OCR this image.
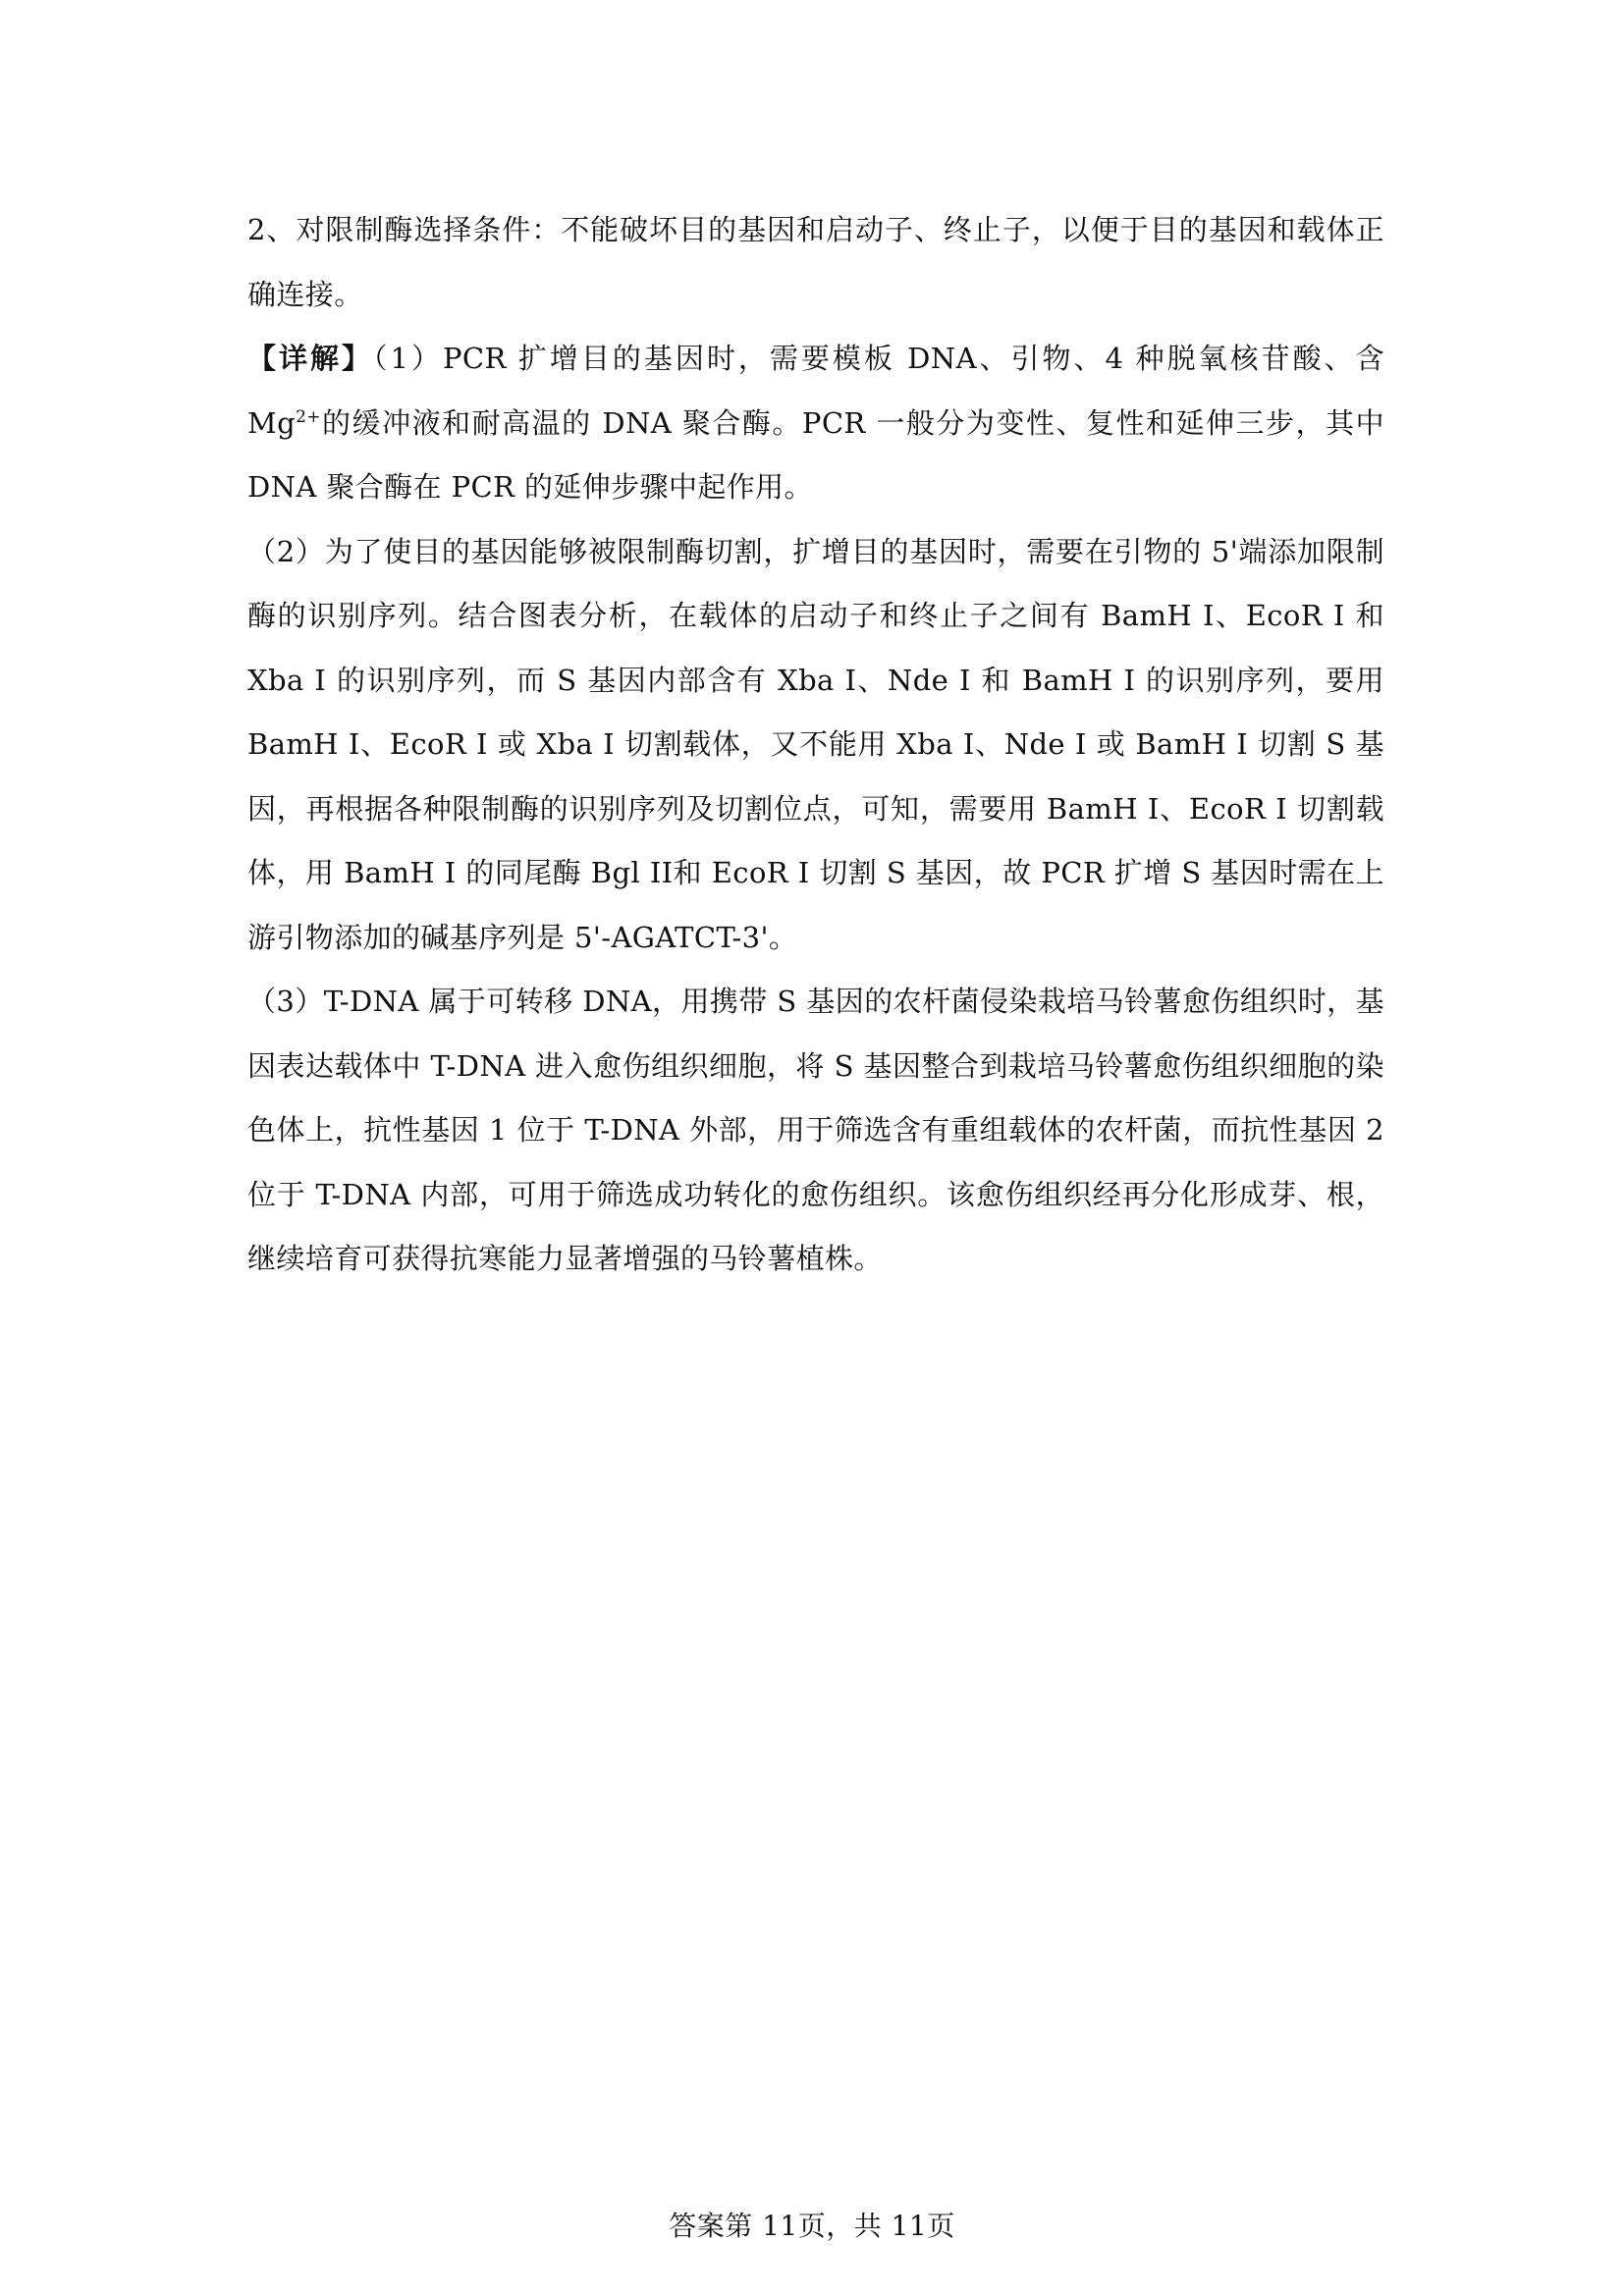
2、对限制酶选择条件：不能破坏目的基因和启动子、终止子，以便于目的基因和载体正确连接。

【详解】（1）PCR 扩增目的基因时，需要模板 DNA、引物、4 种脱氧核苷酸、含 $Mg^{2+}$的缓冲液和耐高温的 DNA 聚合酶。PCR 一般分为变性、复性和延伸三步，其中 DNA 聚合酶在 PCR 的延伸步骤中起作用。

（2）为了使目的基因能够被限制酶切割，扩增目的基因时，需要在引物的 5'端添加限制酶的识别序列。结合图表分析，在载体的启动子和终止子之间有 BamH I、EcoR I 和 Xba I 的识别序列，而 S 基因内部含有 Xba I、Nde I 和 BamH I 的识别序列，要用 BamH I、EcoR I 或 Xba I 切割载体，又不能用 Xba I、Nde I 或 BamH I 切割 S 基因，再根据各种限制酶的识别序列及切割位点，可知，需要用 BamH I、EcoR I 切割载体，用 BamH I 的同尾酶 Bgl II和 EcoR I 切割 S 基因，故 PCR 扩增 S 基因时需在上游引物添加的碱基序列是 5'-AGATCT-3'。

（3）T-DNA 属于可转移 DNA，用携带 S 基因的农杆菌侵染栽培马铃薯愈伤组织时，基因表达载体中 T-DNA 进入愈伤组织细胞，将 S 基因整合到栽培马铃薯愈伤组织细胞的染色体上，抗性基因 1 位于 T-DNA 外部，用于筛选含有重组载体的农杆菌，而抗性基因 2 位于 T-DNA 内部，可用于筛选成功转化的愈伤组织。该愈伤组织经再分化形成芽、根，继续培育可获得抗寒能力显著增强的马铃薯植株。

答案第 11页，共 11页
